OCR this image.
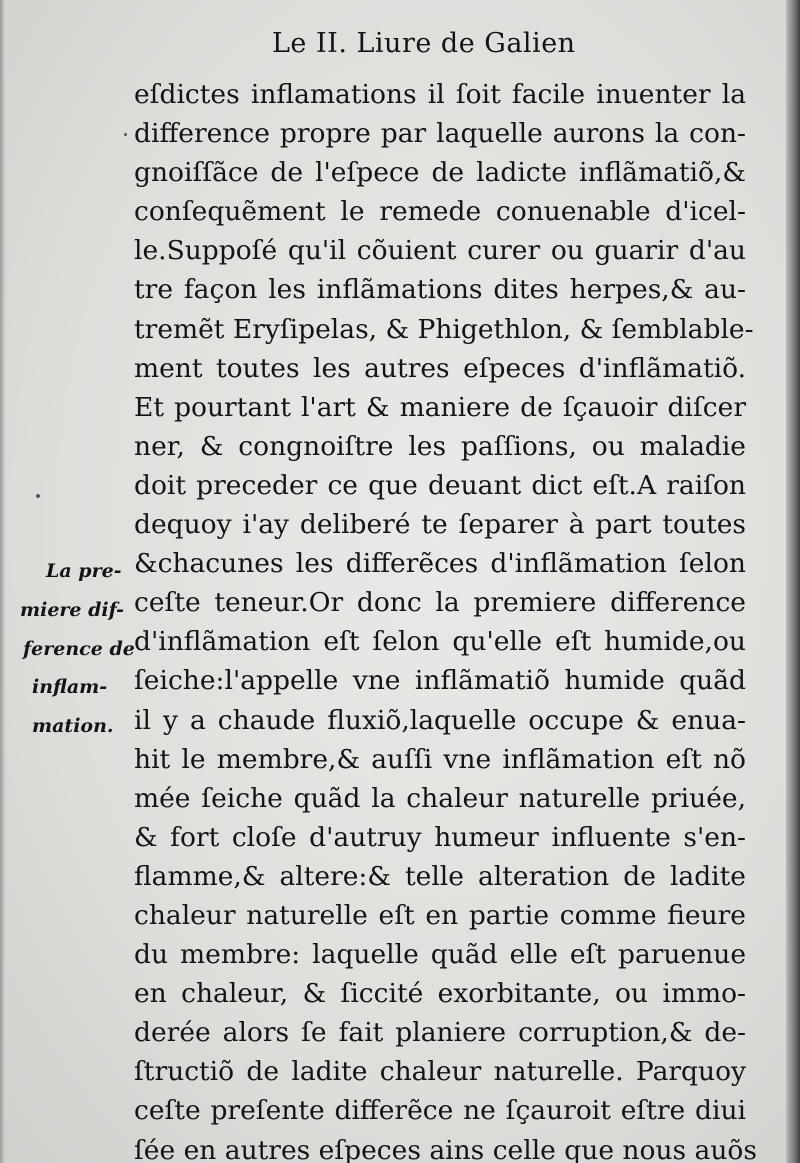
Le II. Liure de Galien
eſdictes inflamations il ſoit facile inuenter la
difference propre par laquelle aurons la con-
gnoiſſãce de l'eſpece de ladicte inflãmatiõ,&
conſequẽment le remede conuenable d'icel-
le.Suppoſé qu'il cõuient curer ou guarir d'au
tre façon les inflãmations dites herpes,& au-
tremẽt Eryſipelas, & Phigethlon, & ſemblable-
ment toutes les autres eſpeces d'inflãmatiõ.
Et pourtant l'art & maniere de ſçauoir diſcer
ner, & congnoiſtre les paſſions, ou maladie
doit preceder ce que deuant dict eſt.A raiſon
dequoy i'ay deliberé te ſeparer à part toutes
&chacunes les differẽces d'inflãmation ſelon
ceſte teneur.Or donc la premiere difference
d'inflãmation eſt ſelon qu'elle eſt humide,ou
ſeiche:l'appelle vne inflãmatiõ humide quãd
il y a chaude fluxiõ,laquelle occupe & enua-
hit le membre,& auſſi vne inflãmation eſt nõ
mée ſeiche quãd la chaleur naturelle priuée,
& fort cloſe d'autruy humeur influente s'en-
flamme,& altere:& telle alteration de ladite
chaleur naturelle eſt en partie comme fieure
du membre: laquelle quãd elle eſt paruenue
en chaleur, & ſiccité exorbitante, ou immo-
derée alors ſe fait planiere corruption,& de-
ſtructiõ de ladite chaleur naturelle. Parquoy
ceſte preſente differẽce ne ſçauroit eſtre diui
ſée en autres eſpeces ains celle que nous auõs
La pre-
miere dif-
ference de
inflam-
mation.
